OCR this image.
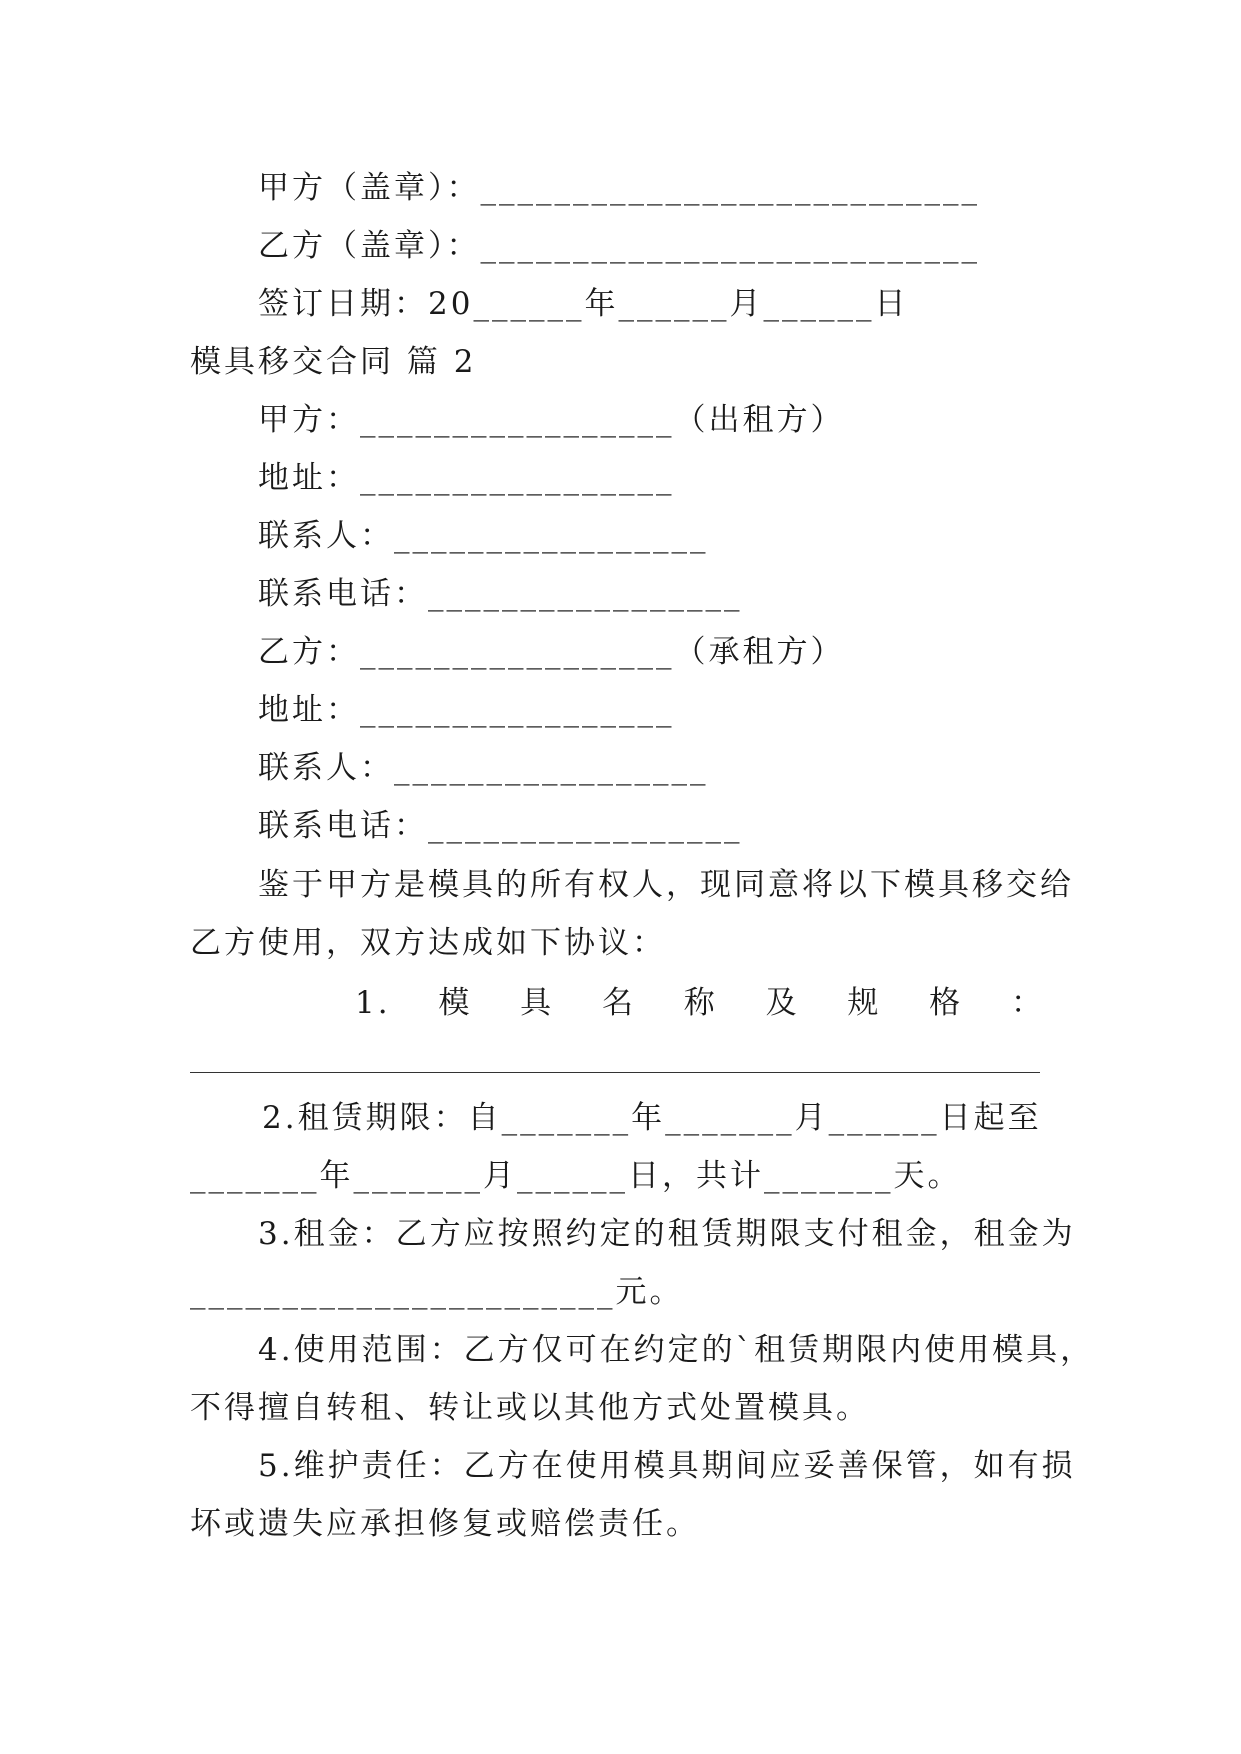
甲方（盖章）：___________________________
乙方（盖章）：___________________________
签订日期：20______年______月______日
模具移交合同 篇 2
甲方：_________________（出租方）
地址：_________________
联系人：_________________
联系电话：_________________
乙方：_________________（承租方）
地址：_________________
联系人：_________________
联系电话：_________________
鉴于甲方是模具的所有权人，现同意将以下模具移交给
乙方使用，双方达成如下协议：
1. 模 具 名 称 及 规 格 ：
2.租赁期限：自_______年_______月______日起至
_______年_______月______日，共计_______天。
3.租金：乙方应按照约定的租赁期限支付租金，租金为
_______________________元。
4.使用范围：乙方仅可在约定的`租赁期限内使用模具，
不得擅自转租、转让或以其他方式处置模具。
5.维护责任：乙方在使用模具期间应妥善保管，如有损
坏或遗失应承担修复或赔偿责任。
